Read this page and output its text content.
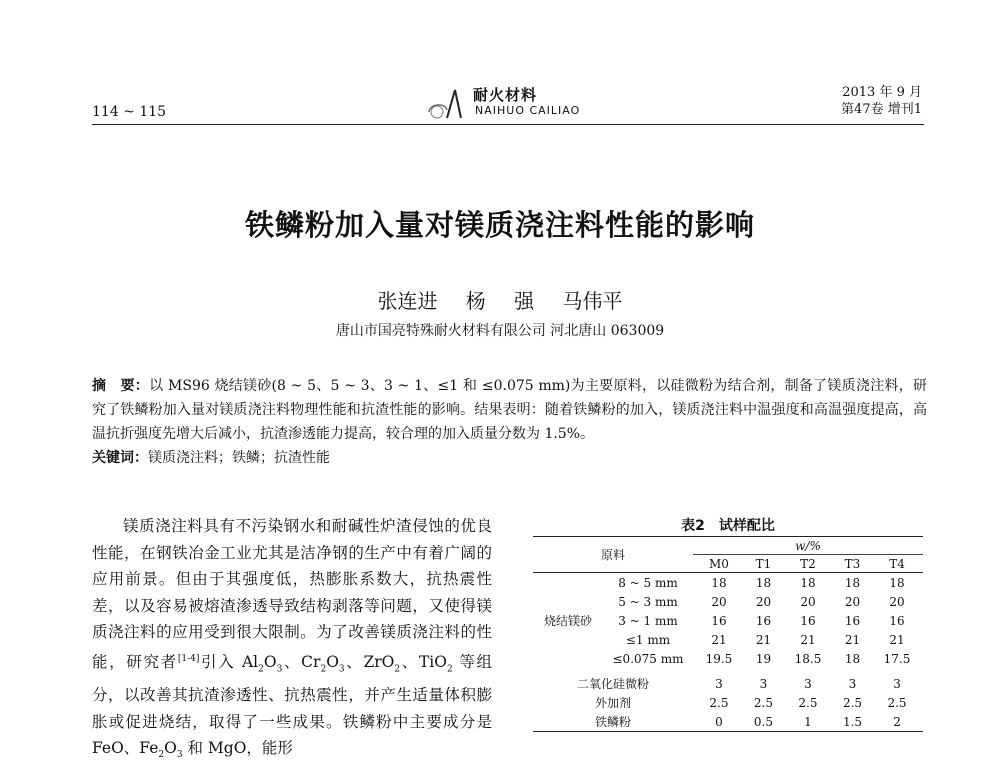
114 ~ 115
耐火材料
NAIHUO CAILIAO
2013 年 9 月
第47卷 增刊1
铁鳞粉加入量对镁质浇注料性能的影响
张连进 杨 强 马伟平
唐山市国亮特殊耐火材料有限公司 河北唐山 063009
摘　要：以 MS96 烧结镁砂(8 ~ 5、5 ~ 3、3 ~ 1、≤1 和 ≤0.075 mm)为主要原料，以硅微粉为结合剂，制备了镁质浇注料，研究了铁鳞粉加入量对镁质浇注料物理性能和抗渣性能的影响。结果表明：随着铁鳞粉的加入，镁质浇注料中温强度和高温强度提高，高温抗折强度先增大后减小，抗渣渗透能力提高，较合理的加入质量分数为 1.5%。
关键词：镁质浇注料；铁鳞；抗渣性能

镁质浇注料具有不污染钢水和耐碱性炉渣侵蚀的优良性能，在钢铁冶金工业尤其是洁净钢的生产中有着广阔的应用前景。但由于其强度低，热膨胀系数大，抗热震性差，以及容易被熔渣渗透导致结构剥落等问题，又使得镁质浇注料的应用受到很大限制。为了改善镁质浇注料的性能，研究者[1-4]引入 $Al_2O_3$、$Cr_2O_3$、ZrO$_2$、TiO$_2$ 等组分，以改善其抗渣渗透性、抗热震性，并产生适量体积膨胀或促进烧结，取得了一些成果。铁鳞粉中主要成分是 FeO、$Fe_2O_3$ 和 MgO，能形

表2　试样配比
原料		w/%				
		M0	T1	T2	T3	T4
烧结镁砂	8 ~ 5 mm	18	18	18	18	18
	5 ~ 3 mm	20	20	20	20	20
	3 ~ 1 mm	16	16	16	16	16
	≤1 mm	21	21	21	21	21
	≤0.075 mm	19.5	19	18.5	18	17.5
二氧化硅微粉		3	3	3	3	3
外加剂		2.5	2.5	2.5	2.5	2.5
铁鳞粉		0	0.5	1	1.5	2
